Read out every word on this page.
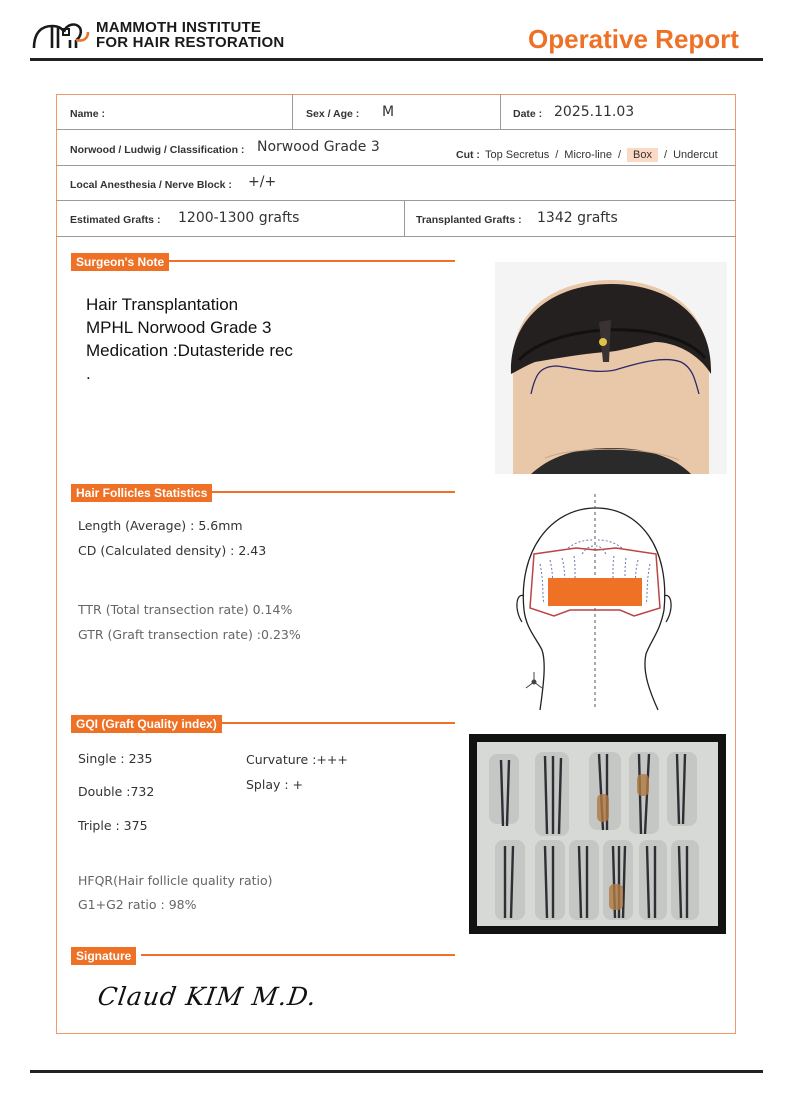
MAMMOTH INSTITUTE
FOR HAIR RESTORATION	Operative Report
Name :	Sex / Age : M	Date : 2025.11.03
Norwood / Ludwig / Classification : Norwood Grade 3	Cut : Top Secretus / Micro-line / Box / Undercut
Local Anesthesia / Nerve Block : +/+
Estimated Grafts : 1200-1300 grafts	Transplanted Grafts : 1342 grafts
Surgeon's Note
Hair Transplantation
MPHL Norwood Grade 3
Medication :Dutasteride rec
.
Hair Follicles Statistics
Length (Average) : 5.6mm
CD (Calculated density) : 2.43
TTR (Total transection rate) 0.14%
GTR (Graft transection rate) :0.23%
GQI (Graft Quality index)
Single : 235
Double :732
Triple : 375
Curvature :+++
Splay : +
HFQR(Hair follicle quality ratio)
G1+G2 ratio : 98%
Signature
Claud KIM M.D.
